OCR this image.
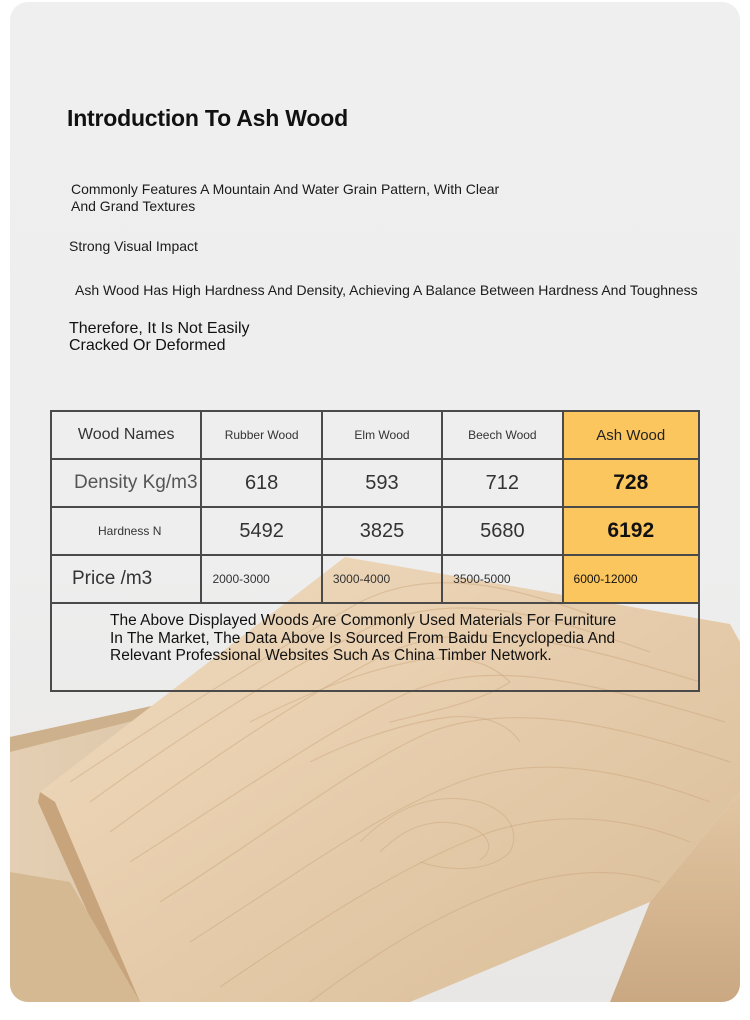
Introduction To Ash Wood

Commonly Features A Mountain And Water Grain Pattern, With Clear And Grand Textures

Strong Visual Impact

Ash Wood Has High Hardness And Density, Achieving A Balance Between Hardness And Toughness

Therefore, It Is Not Easily Cracked Or Deformed

Wood Names	Rubber Wood	Elm Wood	Beech Wood	Ash Wood
Density Kg/m3	618	593	712	728
Hardness N	5492	3825	5680	6192
Price /m3	2000-3000	3000-4000	3500-5000	6000-12000

The Above Displayed Woods Are Commonly Used Materials For Furniture In The Market, The Data Above Is Sourced From Baidu Encyclopedia And Relevant Professional Websites Such As China Timber Network.				
